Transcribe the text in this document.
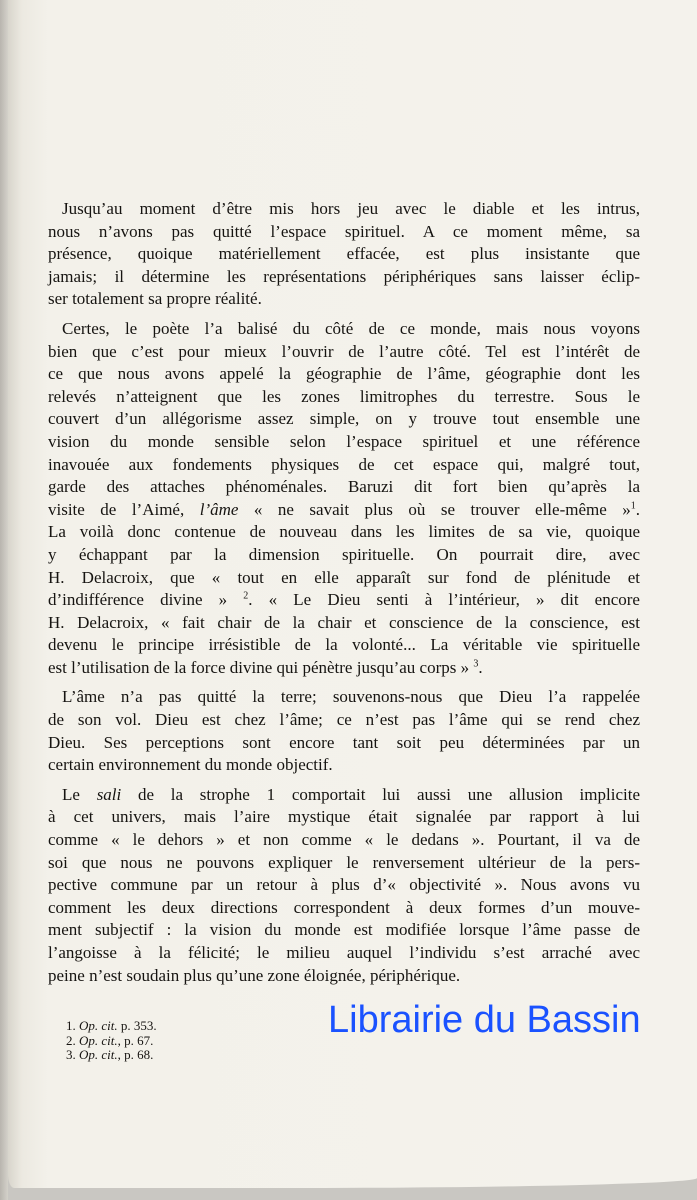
Jusqu’au moment d’être mis hors jeu avec le diable et les intrus,
nous n’avons pas quitté l’espace spirituel. A ce moment même, sa
présence, quoique matériellement effacée, est plus insistante que
jamais; il détermine les représentations périphériques sans laisser éclip-
ser totalement sa propre réalité.
Certes, le poète l’a balisé du côté de ce monde, mais nous voyons
bien que c’est pour mieux l’ouvrir de l’autre côté. Tel est l’intérêt de
ce que nous avons appelé la géographie de l’âme, géographie dont les
relevés n’atteignent que les zones limitrophes du terrestre. Sous le
couvert d’un allégorisme assez simple, on y trouve tout ensemble une
vision du monde sensible selon l’espace spirituel et une référence
inavouée aux fondements physiques de cet espace qui, malgré tout,
garde des attaches phénoménales. Baruzi dit fort bien qu’après la
visite de l’Aimé, l’âme « ne savait plus où se trouver elle-même »$^1$.
La voilà donc contenue de nouveau dans les limites de sa vie, quoique
y échappant par la dimension spirituelle. On pourrait dire, avec
H. Delacroix, que « tout en elle apparaît sur fond de plénitude et
d’indifférence divine » $^2$. « Le Dieu senti à l’intérieur, » dit encore
H. Delacroix, « fait chair de la chair et conscience de la conscience, est
devenu le principe irrésistible de la volonté... La véritable vie spirituelle
est l’utilisation de la force divine qui pénètre jusqu’au corps » $^3$.
L’âme n’a pas quitté la terre; souvenons-nous que Dieu l’a rappelée
de son vol. Dieu est chez l’âme; ce n’est pas l’âme qui se rend chez
Dieu. Ses perceptions sont encore tant soit peu déterminées par un
certain environnement du monde objectif.
Le sali de la strophe 1 comportait lui aussi une allusion implicite
à cet univers, mais l’aire mystique était signalée par rapport à lui
comme « le dehors » et non comme « le dedans ». Pourtant, il va de
soi que nous ne pouvons expliquer le renversement ultérieur de la pers-
pective commune par un retour à plus d’« objectivité ». Nous avons vu
comment les deux directions correspondent à deux formes d’un mouve-
ment subjectif : la vision du monde est modifiée lorsque l’âme passe de
l’angoisse à la félicité; le milieu auquel l’individu s’est arraché avec
peine n’est soudain plus qu’une zone éloignée, périphérique.
1. Op. cit. p. 353.
2. Op. cit., p. 67.
3. Op. cit., p. 68.
Librairie du Bassin
